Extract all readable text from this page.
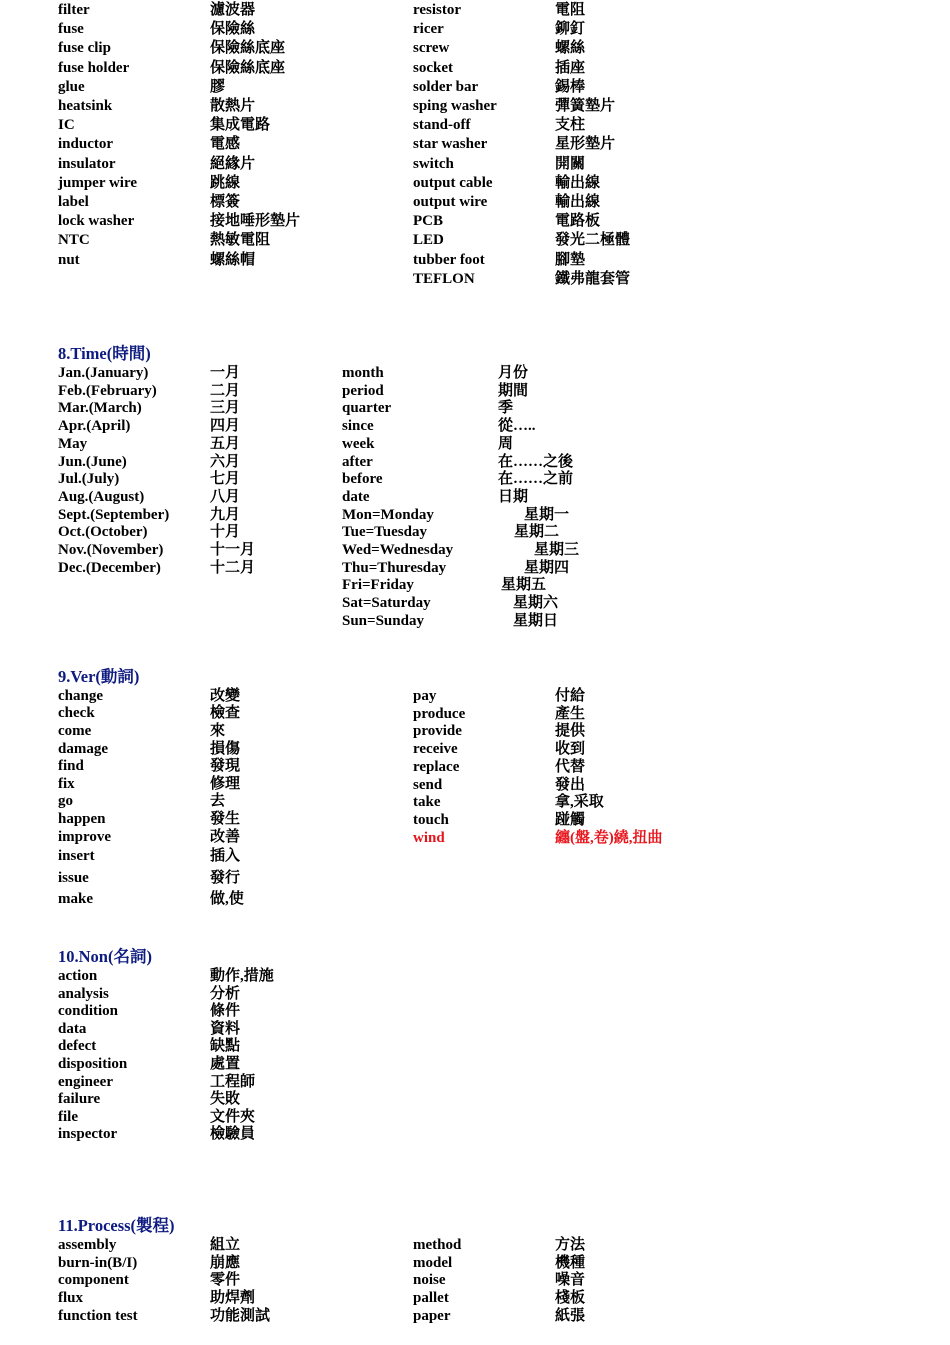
filter	濾波器
fuse	保險絲
fuse clip	保險絲底座
fuse holder	保險絲底座
glue	膠
heatsink	散熱片
IC	集成電路
inductor	電感
insulator	絕緣片
jumper wire	跳線
label	標簽
lock washer	接地唾形墊片
NTC	熱敏電阻
nut	螺絲帽
resistor	電阻
ricer	鉚釘
screw	螺絲
socket	插座
solder bar	錫棒
sping washer	彈簧墊片
stand-off	支柱
star washer	星形墊片
switch	開關
output cable	輸出線
output wire	輸出線
PCB	電路板
LED	發光二極體
tubber foot	腳墊
TEFLON	鐵弗龍套管
8.Time(時間)
Jan.(January)	一月
Feb.(February)	二月
Mar.(March)	三月
Apr.(April)	四月
May	五月
Jun.(June)	六月
Jul.(July)	七月
Aug.(August)	八月
Sept.(September)	九月
Oct.(October)	十月
Nov.(November)	十一月
Dec.(December)	十二月
month	月份
period	期間
quarter	季
since	從…..
week	周
after	在……之後
before	在……之前
date	日期
Mon=Monday	星期一
Tue=Tuesday	星期二
Wed=Wednesday	星期三
Thu=Thuresday	星期四
Fri=Friday	星期五
Sat=Saturday	星期六
Sun=Sunday	星期日
9.Ver(動詞)
change	改變
check	檢查
come	來
damage	損傷
find	發現
fix	修理
go	去
happen	發生
improve	改善
insert	插入
issue	發行
make	做,使
pay	付給
produce	產生
provide	提供
receive	收到
replace	代替
send	發出
take	拿,采取
touch	踫觸
wind	纏(盤,卷)繞,扭曲
10.Non(名詞)
action	動作,措施
analysis	分析
condition	條件
data	資料
defect	缺點
disposition	處置
engineer	工程師
failure	失敗
file	文件夾
inspector	檢驗員
11.Process(製程)
assembly	組立
burn-in(B/I)	崩應
component	零件
flux	助焊劑
function test	功能測試
method	方法
model	機種
noise	噪音
pallet	棧板
paper	紙張
